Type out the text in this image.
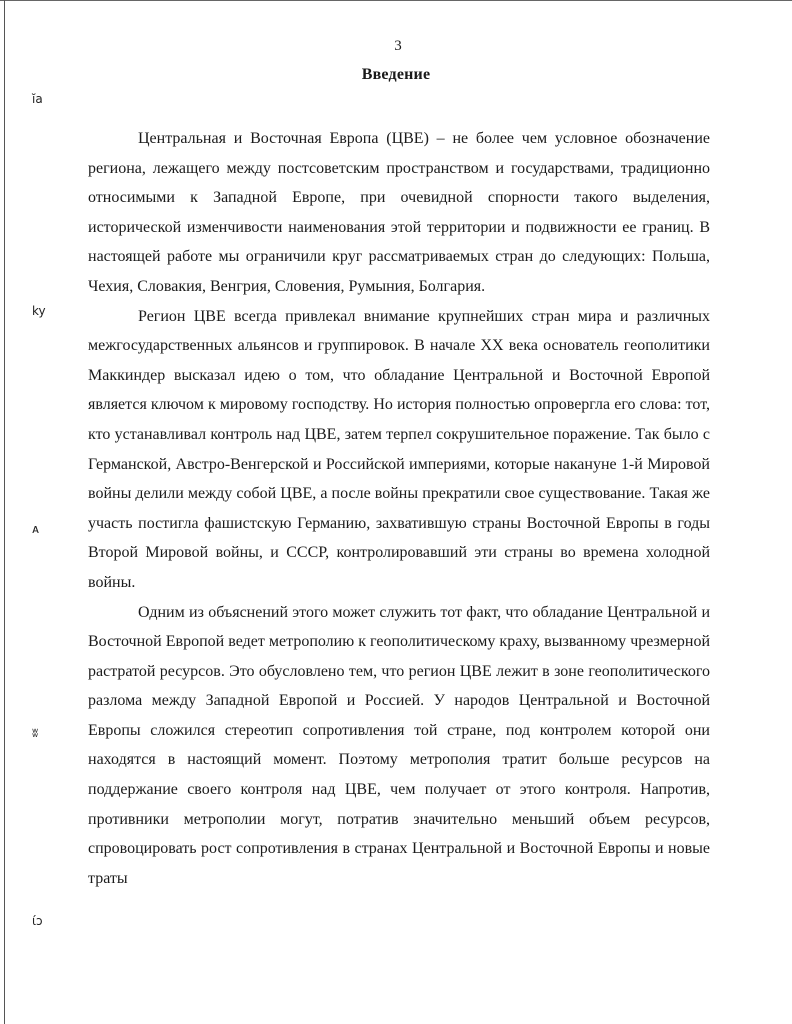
ĭa
ky
ᴀ
ʬ
ίͻ
3
Введение

Центральная и Восточная Европа (ЦВЕ) – не более чем условное обозначение региона, лежащего между постсоветским пространством и государствами, традиционно относимыми к Западной Европе, при очевидной спорности такого выделения, исторической изменчивости наименования этой территории и подвижности ее границ. В настоящей работе мы ограничили круг рассматриваемых стран до следующих: Польша, Чехия, Словакия, Венгрия, Словения, Румыния, Болгария.

Регион ЦВЕ всегда привлекал внимание крупнейших стран мира и различных межгосударственных альянсов и группировок. В начале XX века основатель геополитики Маккиндер высказал идею о том, что обладание Центральной и Восточной Европой является ключом к мировому господству. Но история полностью опровергла его слова: тот, кто устанавливал контроль над ЦВЕ, затем терпел сокрушительное поражение. Так было с Германской, Австро-Венгерской и Российской империями, которые накануне 1-й Мировой войны делили между собой ЦВЕ, а после войны прекратили свое существование. Такая же участь постигла фашистскую Германию, захватившую страны Восточной Европы в годы Второй Мировой войны, и СССР, контролировавший эти страны во времена холодной войны.

Одним из объяснений этого может служить тот факт, что обладание Центральной и Восточной Европой ведет метрополию к геополитическому краху, вызванному чрезмерной растратой ресурсов. Это обусловлено тем, что регион ЦВЕ лежит в зоне геополитического разлома между Западной Европой и Россией. У народов Центральной и Восточной Европы сложился стереотип сопротивления той стране, под контролем которой они находятся в настоящий момент. Поэтому метрополия тратит больше ресурсов на поддержание своего контроля над ЦВЕ, чем получает от этого контроля. Напротив, противники метрополии могут, потратив значительно меньший объем ресурсов, спровоцировать рост сопротивления в странах Центральной и Восточной Европы и новые траты
